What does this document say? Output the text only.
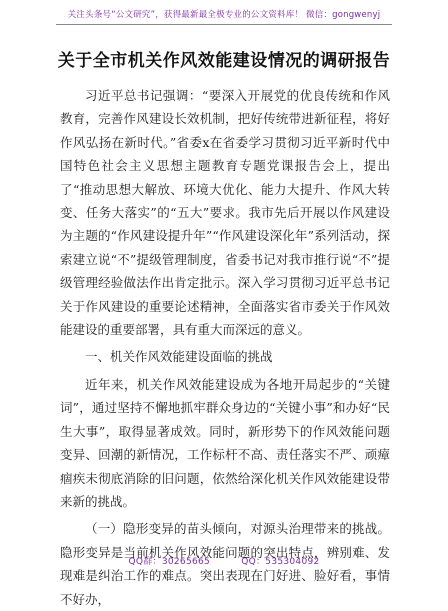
关注头条号“公文研究”，获得最新最全极专业的公文资料库！ 微信：gongwenyj
关于全市机关作风效能建设情况的调研报告

习近平总书记强调：“要深入开展党的优良传统和作风教育，完善作风建设长效机制，把好传统带进新征程，将好作风弘扬在新时代。”省委x在省委学习贯彻习近平新时代中国特色社会主义思想主题教育专题党课报告会上，提出了“推动思想大解放、环境大优化、能力大提升、作风大转变、任务大落实”的“五大”要求。我市先后开展以作风建设为主题的“作风建设提升年”“作风建设深化年”系列活动，探索建立说“不”提级管理制度，省委书记对我市推行说“不”提级管理经验做法作出肯定批示。深入学习贯彻习近平总书记关于作风建设的重要论述精神，全面落实省市委关于作风效能建设的重要部署，具有重大而深远的意义。

一、机关作风效能建设面临的挑战

近年来，机关作风效能建设成为各地开局起步的“关键词”，通过坚持不懈地抓牢群众身边的“关键小事”和办好“民生大事”，取得显著成效。同时，新形势下的作风效能问题变异、回潮的新情况，工作标杆不高、责任落实不严、顽瘴痼疾未彻底消除的旧问题，依然给深化机关作风效能建设带来新的挑战。

（一）隐形变异的苗头倾向，对源头治理带来的挑战。隐形变异是当前机关作风效能问题的突出特点，辨别难、发现难是纠治工作的难点。突出表现在门好进、脸好看，事情不好办，

QQ群：30265665	QQ：535304092
